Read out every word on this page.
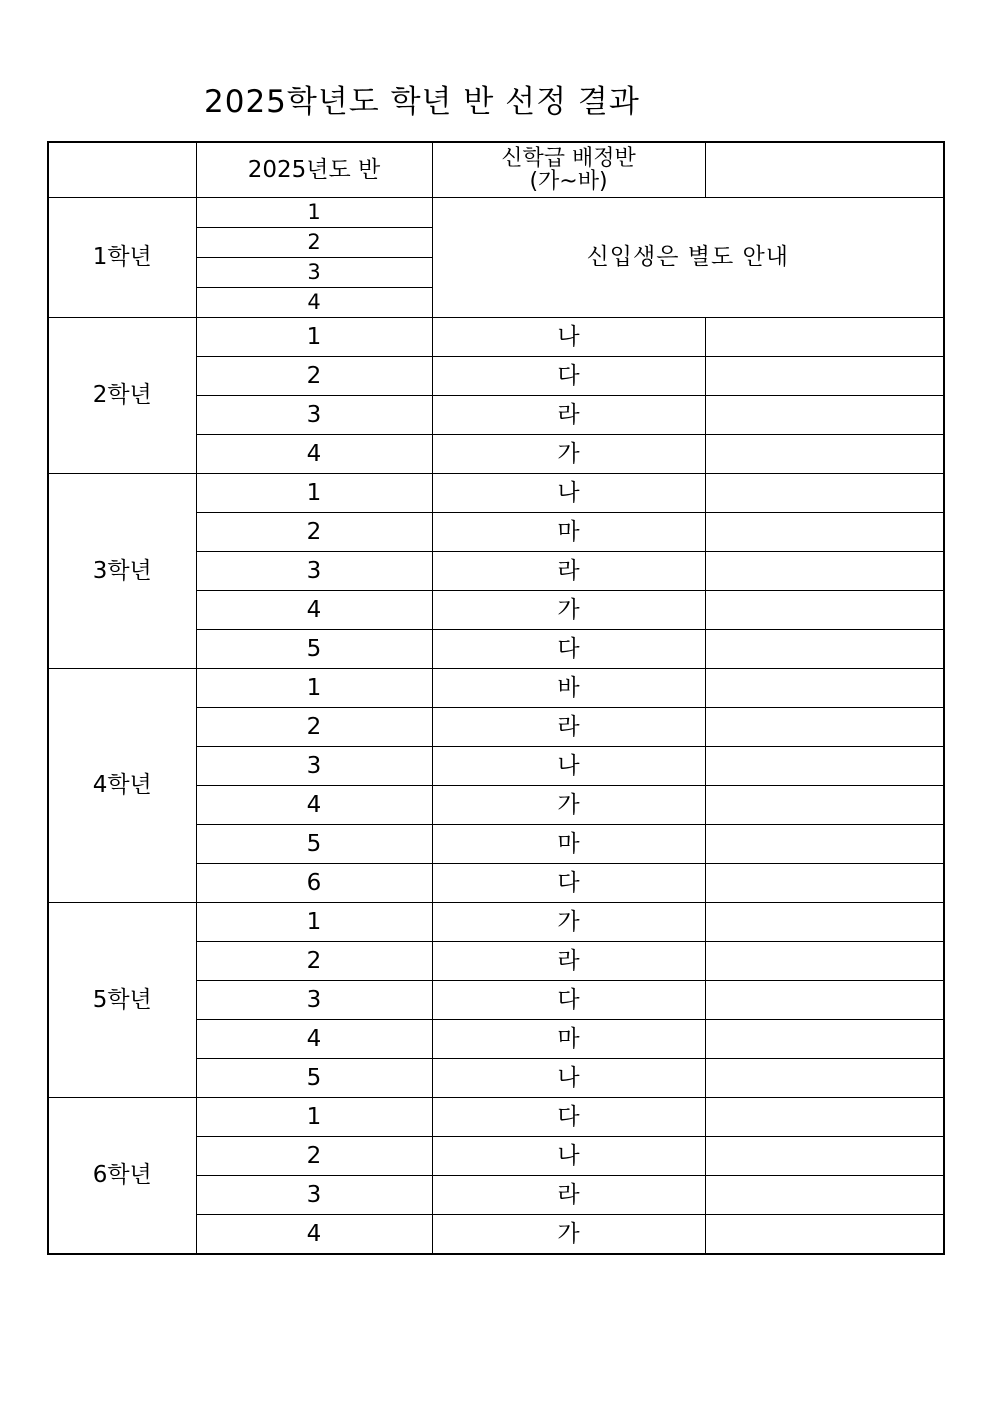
2025학년도 학년 반 선정 결과
	2025년도 반	신학급 배정반
(가~바)	

1학년	1	신입생은 별도 안내	
	2		
	3		
	4		
2학년	1	나	
	2	다	
	3	라	
	4	가	
3학년	1	나	
	2	마	
	3	라	
	4	가	
	5	다	
4학년	1	바	
	2	라	
	3	나	
	4	가	
	5	마	
	6	다	
5학년	1	가	
	2	라	
	3	다	
	4	마	
	5	나	
6학년	1	다	
	2	나	
	3	라	
	4	가	
